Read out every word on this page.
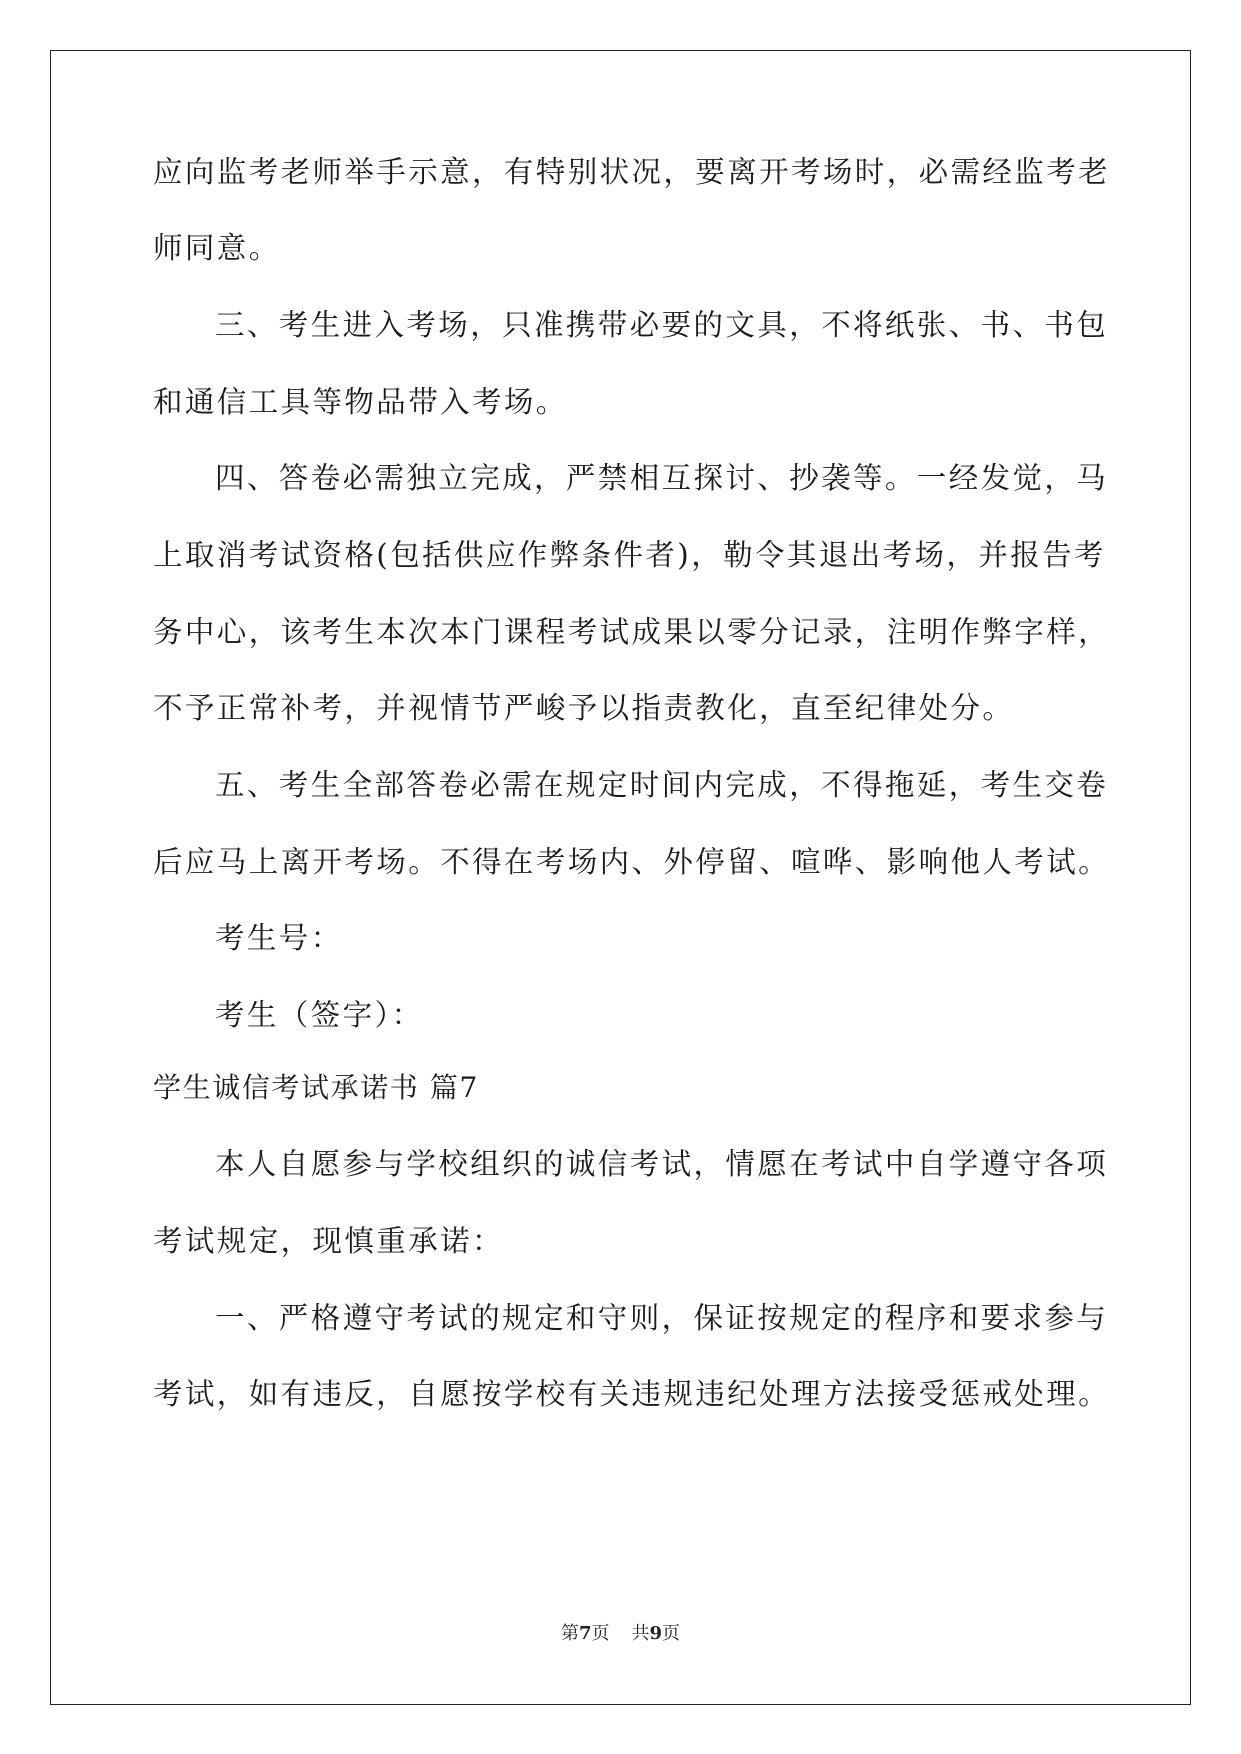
应向监考老师举手示意，有特别状况，要离开考场时，必需经监考老
师同意。
三、考生进入考场，只准携带必要的文具，不将纸张、书、书包
和通信工具等物品带入考场。
四、答卷必需独立完成，严禁相互探讨、抄袭等。一经发觉，马
上取消考试资格(包括供应作弊条件者)，勒令其退出考场，并报告考
务中心，该考生本次本门课程考试成果以零分记录，注明作弊字样，
不予正常补考，并视情节严峻予以指责教化，直至纪律处分。
五、考生全部答卷必需在规定时间内完成，不得拖延，考生交卷
后应马上离开考场。不得在考场内、外停留、喧哗、影响他人考试。
考生号：
考生（签字）：
学生诚信考试承诺书 篇7
本人自愿参与学校组织的诚信考试，情愿在考试中自学遵守各项
考试规定，现慎重承诺：
一、严格遵守考试的规定和守则，保证按规定的程序和要求参与
考试，如有违反，自愿按学校有关违规违纪处理方法接受惩戒处理。
第7页 共9页
